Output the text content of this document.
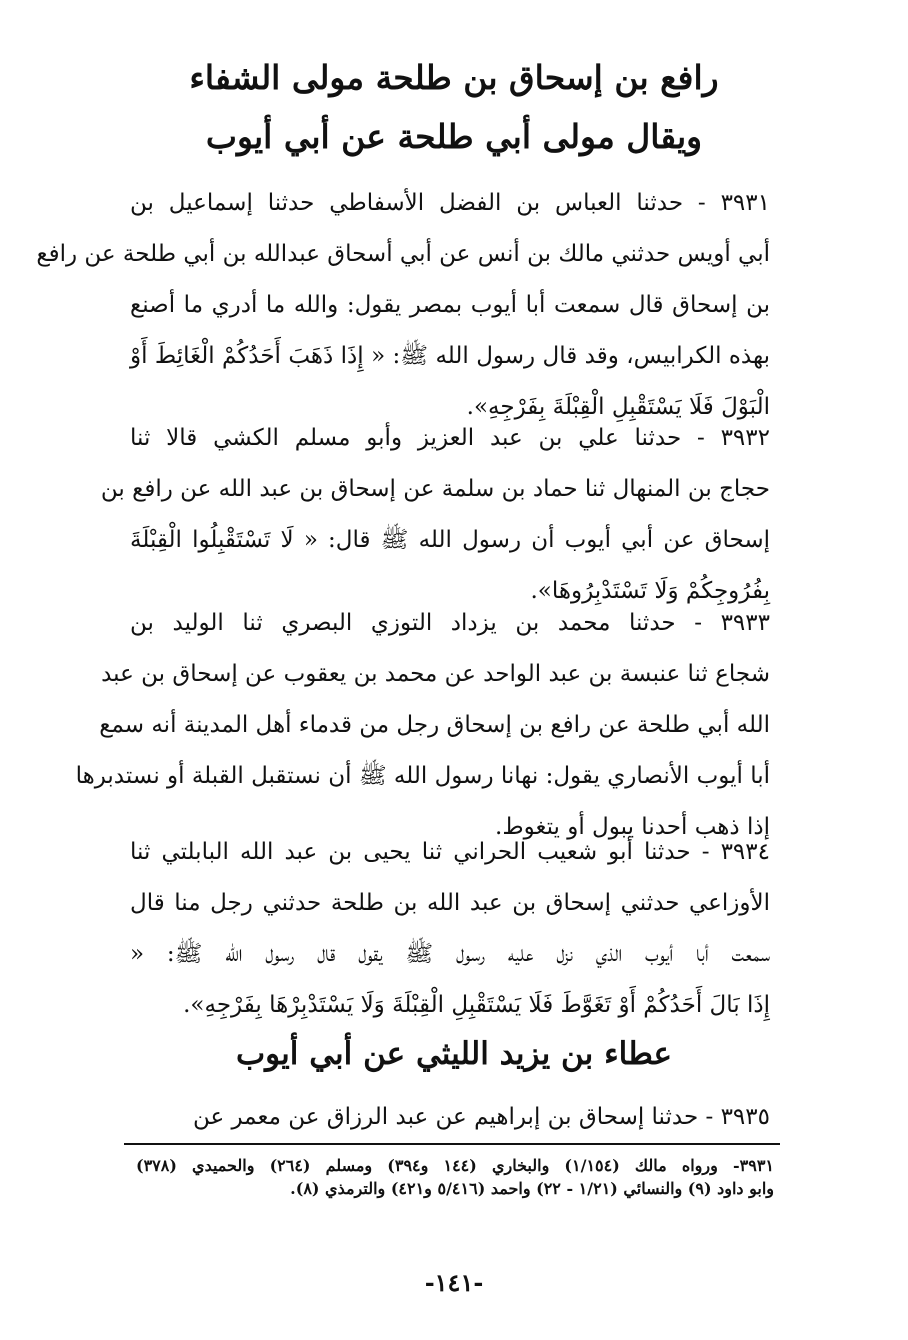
رافع بن إسحاق بن طلحة مولى الشفاء
ويقال مولى أبي طلحة عن أبي أيوب
٣٩٣١ - حدثنا العباس بن الفضل الأسفاطي حدثنا إسماعيل بن
أبي أويس حدثني مالك بن أنس عن أبي أسحاق عبدالله بن أبي طلحة عن رافع
بن إسحاق قال سمعت أبا أيوب بمصر يقول: والله ما أدري ما أصنع
بهذه الكرابيس، وقد قال رسول الله ﷺ: « إِذَا ذَهَبَ أَحَدُكُمْ الْغَائِطَ أَوْ
الْبَوْلَ فَلَا يَسْتَقْبِلِ الْقِبْلَةَ بِفَرْجِهِ».
٣٩٣٢ - حدثنا علي بن عبد العزيز وأبو مسلم الكشي قالا ثنا
حجاج بن المنهال ثنا حماد بن سلمة عن إسحاق بن عبد الله عن رافع بن
إسحاق عن أبي أيوب أن رسول الله ﷺ قال: « لَا تَسْتَقْبِلُوا الْقِبْلَةَ
بِفُرُوجِكُمْ وَلَا تَسْتَدْبِرُوهَا».
٣٩٣٣ - حدثنا محمد بن يزداد التوزي البصري ثنا الوليد بن
شجاع ثنا عنبسة بن عبد الواحد عن محمد بن يعقوب عن إسحاق بن عبد
الله أبي طلحة عن رافع بن إسحاق رجل من قدماء أهل المدينة أنه سمع
أبا أيوب الأنصاري يقول: نهانا رسول الله ﷺ أن نستقبل القبلة أو نستدبرها
إذا ذهب أحدنا يبول أو يتغوط.
٣٩٣٤ - حدثنا أبو شعيب الحراني ثنا يحيى بن عبد الله البابلتي ثنا
الأوزاعي حدثني إسحاق بن عبد الله بن طلحة حدثني رجل منا قال
سمعت أبا أيوب الذي نزل عليه رسول ﷺ يقول قال رسول الله ﷺ: «
إِذَا بَالَ أَحَدُكُمْ أَوْ تَغَوَّطَ فَلَا يَسْتَقْبِلِ الْقِبْلَةَ وَلَا يَسْتَدْبِرْهَا بِفَرْجِهِ».
عطاء بن يزيد الليثي عن أبي أيوب
٣٩٣٥ - حدثنا إسحاق بن إبراهيم عن عبد الرزاق عن معمر عن
٣٩٣١- ورواه مالك (١/١٥٤) والبخاري (١٤٤ و٣٩٤) ومسلم (٢٦٤) والحميدي (٣٧٨)
وابو داود (٩) والنسائي (١/٢١ - ٢٢) واحمد (٥/٤١٦ و٤٢١) والترمذي (٨).
-١٤١-
